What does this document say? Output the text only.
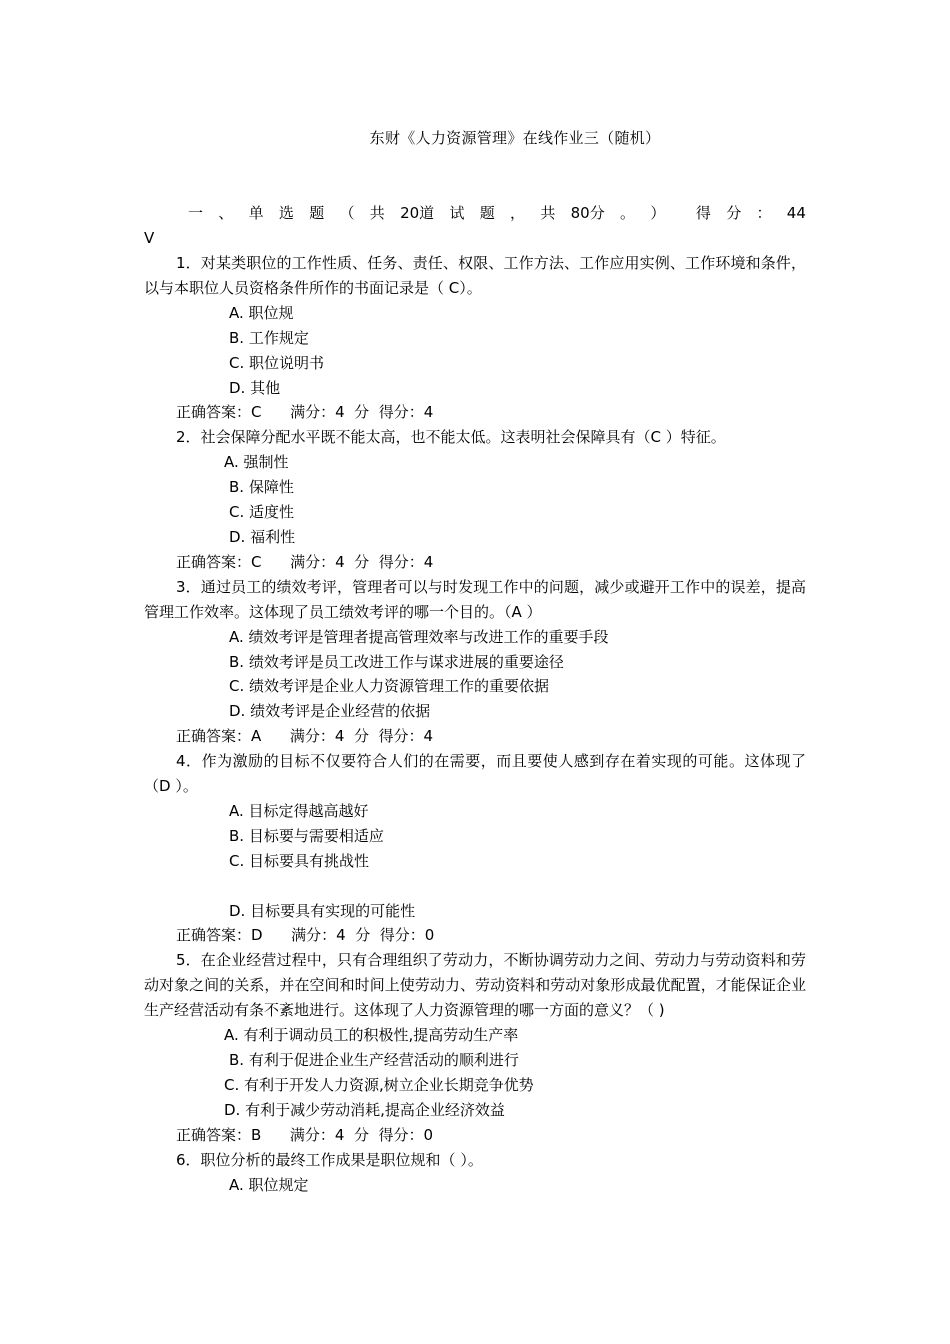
东财《人力资源管理》在线作业三（随机）
一 、 单 选 题 （ 共 20道 试 题 ， 共 80分 。 ） 得 分 ： 44
V

1．对某类职位的工作性质、任务、责任、权限、工作方法、工作应用实例、工作环境和条件，以与本职位人员资格条件所作的书面记录是（ C）。

A. 职位规

B. 工作规定

C. 职位说明书

D. 其他

正确答案：C      满分：4  分  得分：4

2．社会保障分配水平既不能太高，也不能太低。这表明社会保障具有（C ）特征。

A. 强制性

B. 保障性

C. 适度性

D. 福利性

正确答案：C      满分：4  分  得分：4

3．通过员工的绩效考评，管理者可以与时发现工作中的问题，减少或避开工作中的误差，提高管理工作效率。这体现了员工绩效考评的哪一个目的。（A ）

A. 绩效考评是管理者提高管理效率与改进工作的重要手段

B. 绩效考评是员工改进工作与谋求进展的重要途径

C. 绩效考评是企业人力资源管理工作的重要依据

D. 绩效考评是企业经营的依据

正确答案：A      满分：4  分  得分：4

4．作为激励的目标不仅要符合人们的在需要，而且要使人感到存在着实现的可能。这体现了（D ）。

A. 目标定得越高越好

B. 目标要与需要相适应

C. 目标要具有挑战性

D. 目标要具有实现的可能性

正确答案：D      满分：4  分  得分：0

5．在企业经营过程中，只有合理组织了劳动力，不断协调劳动力之间、劳动力与劳动资料和劳动对象之间的关系，并在空间和时间上使劳动力、劳动资料和劳动对象形成最优配置，才能保证企业生产经营活动有条不紊地进行。这体现了人力资源管理的哪一方面的意义？（ )

A. 有利于调动员工的积极性,提高劳动生产率

B. 有利于促进企业生产经营活动的顺利进行

C. 有利于开发人力资源,树立企业长期竞争优势

D. 有利于减少劳动消耗,提高企业经济效益

正确答案：B      满分：4  分  得分：0

6．职位分析的最终工作成果是职位规和（ ）。

A. 职位规定
